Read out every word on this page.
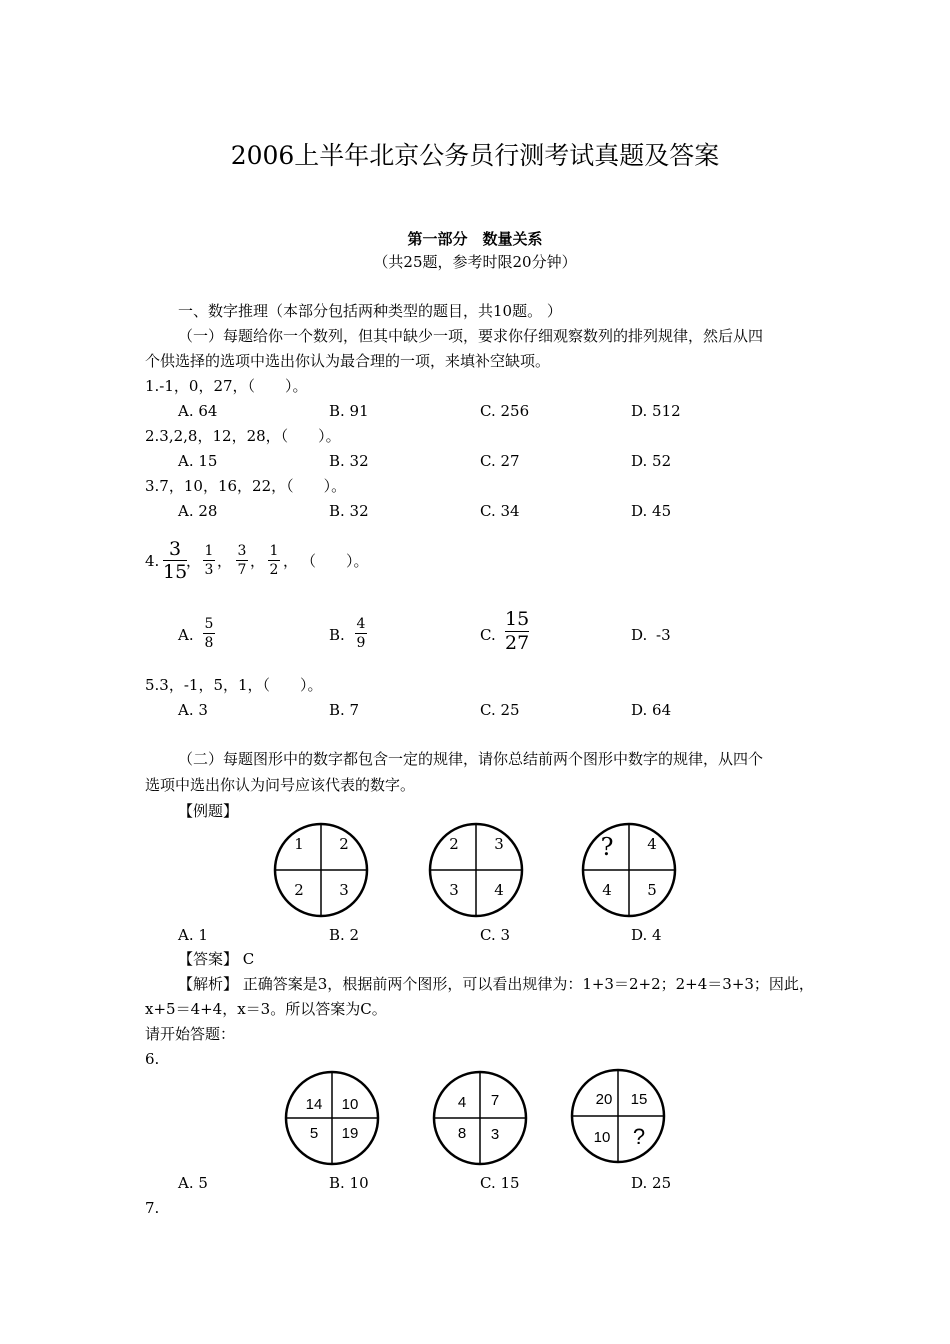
2006上半年北京公务员行测考试真题及答案
第一部分　数量关系
（共25题，参考时限20分钟）
一、数字推理（本部分包括两种类型的题目，共10题。 ）
（一）每题给你一个数列，但其中缺少一项，要求你仔细观察数列的排列规律，然后从四
个供选择的选项中选出你认为最合理的一项，来填补空缺项。
1.-1，0，27，（　　）。
A. 64	B. 91	C. 256	D. 512
2.3,2,8，12，28，（　　）。
A. 15	B. 32	C. 27	D. 52
3.7，10，16，22，（　　）。
A. 28	B. 32	C. 34	D. 45
4.
3
15
，
1
3 ，
3
7 ，
1
2 ， （　　）。
A.
5
8	B.
4
9	C.
15
27	D. -3
5.3，-1，5，1，（　　）。
A. 3	B. 7	C. 25	D. 64
（二）每题图形中的数字都包含一定的规律，请你总结前两个图形中数字的规律，从四个
选项中选出你认为问号应该代表的数字。
【例题】
1 2
2 3
2 3
3 4
? 4
4 5
A. 1	B. 2	C. 3	D. 4
【答案】 C
【解析】 正确答案是3，根据前两个图形，可以看出规律为：1+3＝2+2；2+4＝3+3；因此，
x+5＝4+4，x＝3。所以答案为C。
请开始答题：
6.
14 10
5 19
4 7
8 3
20 15
10 ?
A. 5	B. 10	C. 15	D. 25
7.
